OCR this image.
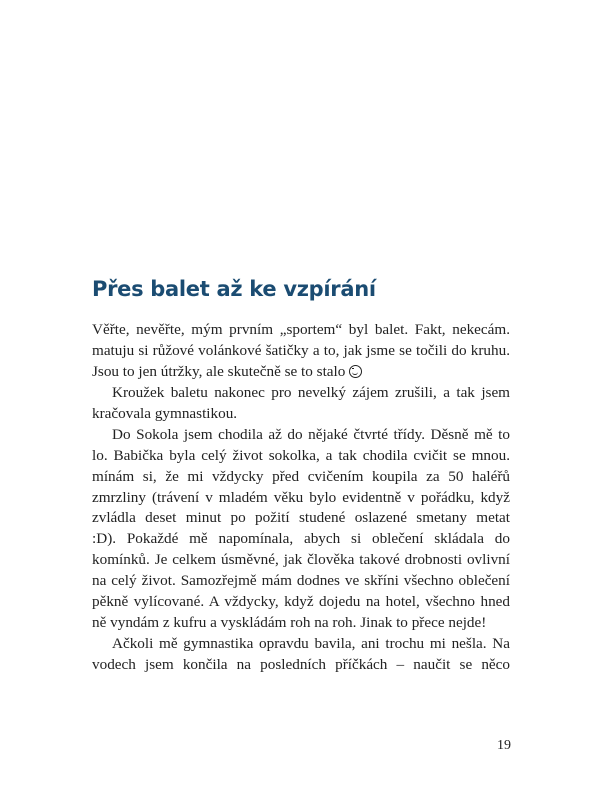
Přes balet až ke vzpírání
Věřte, nevěřte, mým prvním „sportem“ byl balet. Fakt, nekecám.
matuju si růžové volánkové šatičky a to, jak jsme se točili do kruhu.
Jsou to jen útržky, ale skutečně se to stalo
Kroužek baletu nakonec pro nevelký zájem zrušili, a tak jsem
kračovala gymnastikou.
Do Sokola jsem chodila až do nějaké čtvrté třídy. Děsně mě to
lo. Babička byla celý život sokolka, a tak chodila cvičit se mnou.
mínám si, že mi vždycky před cvičením koupila za 50 haléřů
zmrzliny (trávení v mladém věku bylo evidentně v pořádku, když
zvládla deset minut po požití studené oslazené smetany metat
:D). Pokaždé mě napomínala, abych si oblečení skládala do
komínků. Je celkem úsměvné, jak člověka takové drobnosti ovlivní
na celý život. Samozřejmě mám dodnes ve skříni všechno oblečení
pěkně vylícované. A vždycky, když dojedu na hotel, všechno hned
ně vyndám z kufru a vyskládám roh na roh. Jinak to přece nejde!
Ačkoli mě gymnastika opravdu bavila, ani trochu mi nešla. Na
vodech jsem končila na posledních příčkách – naučit se něco
19
